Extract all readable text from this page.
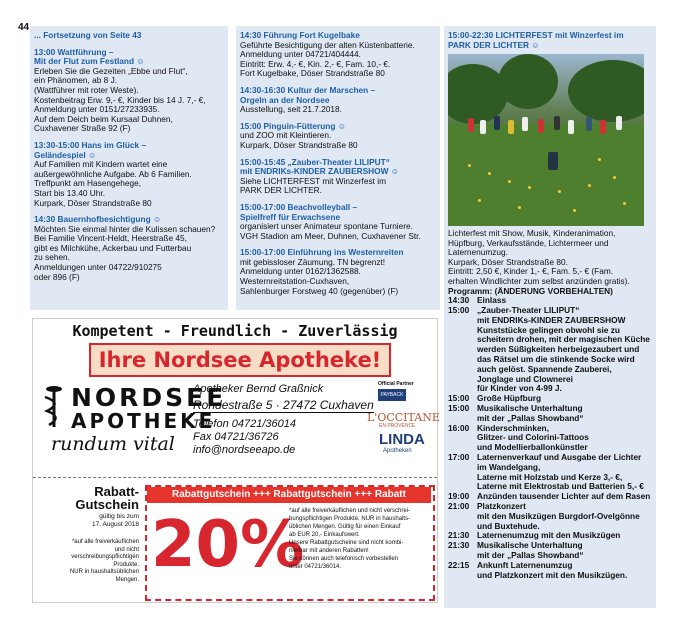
44
... Fortsetzung von Seite 43
13:00 Wattführung –
Mit der Flut zum Festland ☺
Erleben Sie die Gezeiten „Ebbe und Flut“,
ein Phänomen, ab 8 J.
(Wattführer mit roter Weste).
Kostenbeitrag Erw. 9,- €, Kinder bis 14 J. 7,- €,
Anmeldung unter 0151/27233935.
Auf dem Deich beim Kursaal Duhnen,
Cuxhavener Straße 92 (F)
13:30-15:00 Hans im Glück –
Geländespiel ☺
Auf Familien mit Kindern wartet eine
außergewöhnliche Aufgabe. Ab 6 Familien.
Treffpunkt am Hasengehege,
Start bis 13.40 Uhr.
Kurpark, Döser Strandstraße 80
14:30 Bauernhofbesichtigung ☺
Möchten Sie einmal hinter die Kulissen schauen?
Bei Familie Vincent-Heldt, Heerstraße 45,
gibt es Milchkühe, Ackerbau und Futterbau
zu sehen.
Anmeldungen unter 04722/910275
oder 896 (F)
14:30 Führung Fort Kugelbake
Geführte Besichtigung der alten Küstenbatterie.
Anmeldung unter 04721/404444.
Eintritt: Erw. 4,- €, Kin. 2,- €, Fam. 10,- €.
Fort Kugelbake, Döser Strandstraße 80
14:30-16:30 Kultur der Marschen –
Orgeln an der Nordsee
Ausstellung, seit 21.7.2018.
15:00 Pinguin-Fütterung ☺
und ZOO mit Kleintieren.
Kurpark, Döser Strandstraße 80
15:00-15:45 „Zauber-Theater LILIPUT“
mit ENDRIKs-KINDER ZAUBERSHOW ☺
Siehe LICHTERFEST mit Winzerfest im
PARK DER LICHTER.
15:00-17:00 Beachvolleyball –
Spielfreff für Erwachsene
organisiert unser Animateur spontane Turniere.
VGH Stadion am Meer, Duhnen, Cuxhavener Str.
15:00-17:00 Einführung ins Westernreiten
mit gebissloser Zäumung. TN begrenzt!
Anmeldung unter 0162/1362588.
Westernreitstation-Cuxhaven,
Sahlenburger Forstweg 40 (gegenüber) (F)
15:00-22:30 LICHTERFEST mit Winzerfest im
PARK DER LICHTER ☺
Lichterfest mit Show, Musik, Kinderanimation,
Hüpfburg, Verkaufsstände, Lichtermeer und
Laternenumzug.
Kurpark, Döser Strandstraße 80.
Eintritt: 2,50 €, Kinder 1,- €, Fam. 5,- € (Fam.
erhalten Windlichter zum selbst anzünden gratis).
Programm: (ÄNDERUNG VORBEHALTEN)
14:30 Einlass
15:00 „Zauber-Theater LILIPUT“
mit ENDRIKs-KINDER ZAUBERSHOW
Kunststücke gelingen obwohl sie zu
scheitern drohen, mit der magischen Küche
werden Süßigkeiten herbeigezaubert und
das Rätsel um die stinkende Socke wird
auch gelöst. Spannende Zauberei,
Jonglage und Clownerei
für Kinder von 4-99 J.
15:00 Große Hüpfburg
15:00 Musikalische Unterhaltung
mit der „Pallas Showband“
16:00 Kinderschminken,
Glitzer- und Colorini-Tattoos
und Modellierballonkünstler
17:00 Laternenverkauf und Ausgabe der Lichter
im Wandelgang,
Laterne mit Holzstab und Kerze 3,- €,
Laterne mit Elektrostab und Batterien 5,- €
19:00 Anzünden tausender Lichter auf dem Rasen
21:00 Platzkonzert
mit den Musikzügen Burgdorf-Ovelgönne
und Buxtehude.
21:30 Laternenumzug mit den Musikzügen
21:30 Musikalische Unterhaltung
mit der „Pallas Showband“
22:15 Ankunft Laternenumzug
und Platzkonzert mit den Musikzügen.
Kompetent - Freundlich - Zuverlässig
Ihre Nordsee Apotheke!
NORDSEE
APOTHEKE
rundum vital
Apotheker Bernd Graßnick
Rohdestraße 5 · 27472 Cuxhaven
Telefon 04721/36014
Fax 04721/36726
info@nordseeapo.de
Official Partner
PAYBACK
L'OCCITANE
EN PROVENCE
LINDA
Apotheken
Rabatt-
Gutschein
gültig bis zum
17. August 2018
*auf alle freiverkäuflichen
und nicht
verschreibungspflichtigen
Produkte.
NUR in haushaltsüblichen
Mengen.
Rabattgutschein +++ Rabattgutschein +++ Rabatt
20%
*auf alle freiverkäuflichen und nicht verschrei-
bungspflichtigen Produkte. NUR in haushalts-
üblichen Mengen. Gültig für einen Einkauf
ab EUR 20,- Einkaufswert.
Unsere Rabattgutscheine sind nicht kombi-
nierbar mit anderen Rabatten!
Sie können auch telefonisch vorbestellen
unter 04721/36014.
